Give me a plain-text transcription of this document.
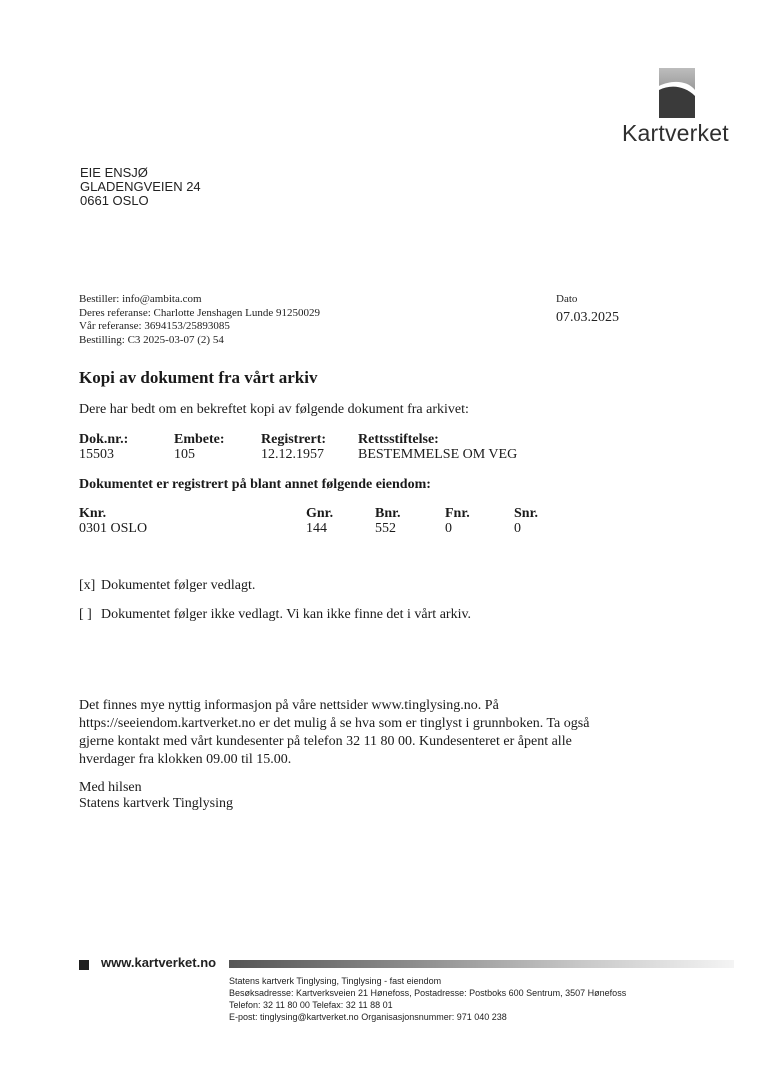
Kartverket
EIE ENSJØ
GLADENGVEIEN 24
0661 OSLO
Bestiller: info@ambita.com
Deres referanse: Charlotte Jenshagen Lunde 91250029
Vår referanse: 3694153/25893085
Bestilling: C3 2025-03-07 (2) 54
Dato
07.03.2025
Kopi av dokument fra vårt arkiv
Dere har bedt om en bekreftet kopi av følgende dokument fra arkivet:
Dok.nr.:	Embete:	Registrert: Rettsstiftelse:
15503	105	12.12.1957 BESTEMMELSE OM VEG
Dokumentet er registrert på blant annet følgende eiendom:
Knr.	Gnr.	Bnr.	Fnr.	Snr.
0301 OSLO	144	552	0	0
[x] Dokumentet følger vedlagt.
[ ] Dokumentet følger ikke vedlagt. Vi kan ikke finne det i vårt arkiv.
Det finnes mye nyttig informasjon på våre nettsider www.tinglysing.no. På
https://seeiendom.kartverket.no er det mulig å se hva som er tinglyst i grunnboken. Ta også
gjerne kontakt med vårt kundesenter på telefon 32 11 80 00. Kundesenteret er åpent alle
hverdager fra klokken 09.00 til 15.00.
Med hilsen
Statens kartverk Tinglysing
www.kartverket.no
Statens kartverk Tinglysing, Tinglysing - fast eiendom
Besøksadresse: Kartverksveien 21 Hønefoss, Postadresse: Postboks 600 Sentrum, 3507 Hønefoss
Telefon: 32 11 80 00 Telefax: 32 11 88 01
E-post: tinglysing@kartverket.no Organisasjonsnummer: 971 040 238
